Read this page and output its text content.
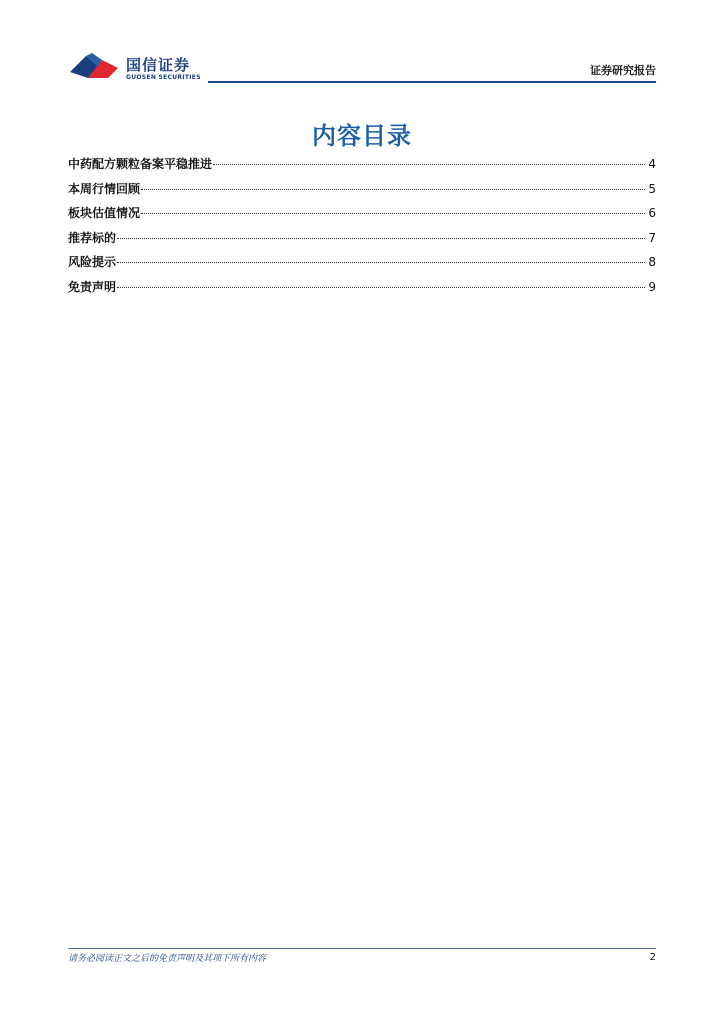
国信证券
GUOSEN SECURITIES
证券研究报告
内容目录
中药配方颗粒备案平稳推进	4
本周行情回顾	5
板块估值情况	6
推荐标的	7
风险提示	8
免责声明	9
请务必阅读正文之后的免责声明及其项下所有内容	2
